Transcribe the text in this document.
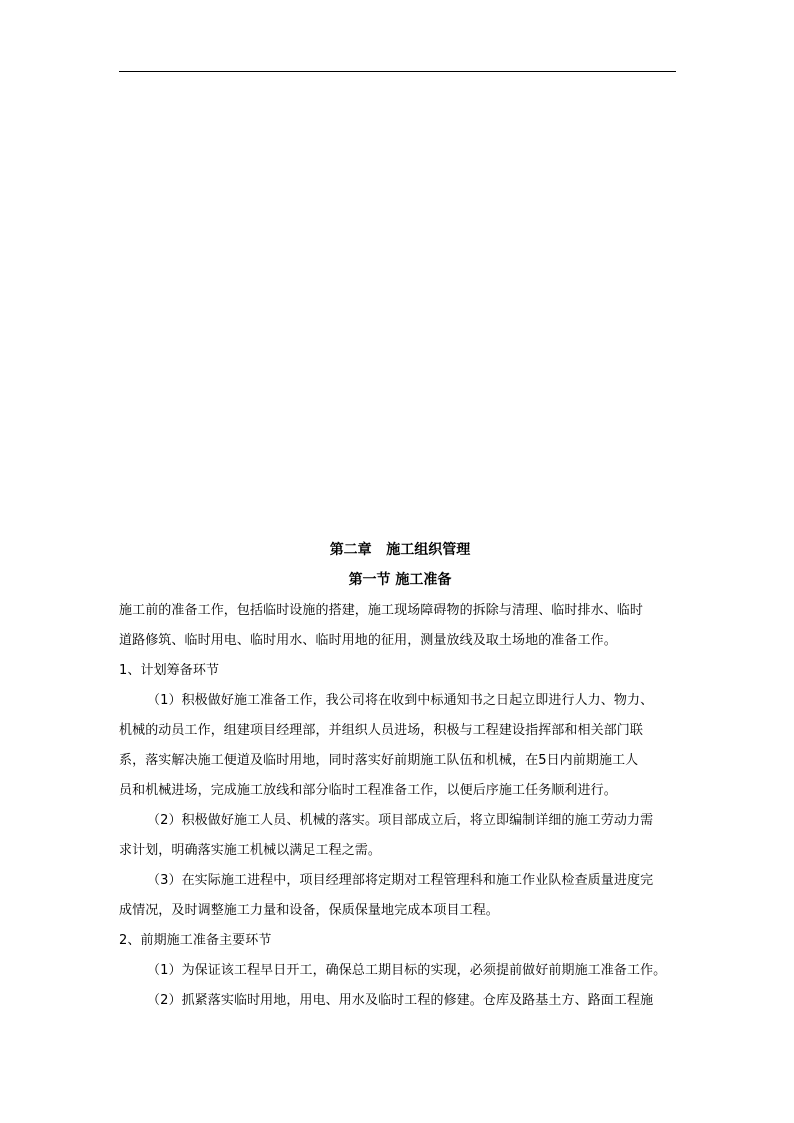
第二章   施工组织管理
第一节 施工准备
施工前的准备工作，包括临时设施的搭建，施工现场障碍物的拆除与清理、临时排水、临时
道路修筑、临时用电、临时用水、临时用地的征用，测量放线及取土场地的准备工作。
1、计划筹备环节
（1）积极做好施工准备工作，我公司将在收到中标通知书之日起立即进行人力、物力、
机械的动员工作，组建项目经理部，并组织人员进场，积极与工程建设指挥部和相关部门联
系，落实解决施工便道及临时用地，同时落实好前期施工队伍和机械，在5日内前期施工人
员和机械进场，完成施工放线和部分临时工程准备工作，以便后序施工任务顺利进行。
（2）积极做好施工人员、机械的落实。项目部成立后，将立即编制详细的施工劳动力需
求计划，明确落实施工机械以满足工程之需。
（3）在实际施工进程中，项目经理部将定期对工程管理科和施工作业队检查质量进度完
成情况，及时调整施工力量和设备，保质保量地完成本项目工程。
2、前期施工准备主要环节
（1）为保证该工程早日开工，确保总工期目标的实现，必须提前做好前期施工准备工作。
（2）抓紧落实临时用地，用电、用水及临时工程的修建。仓库及路基土方、路面工程施
